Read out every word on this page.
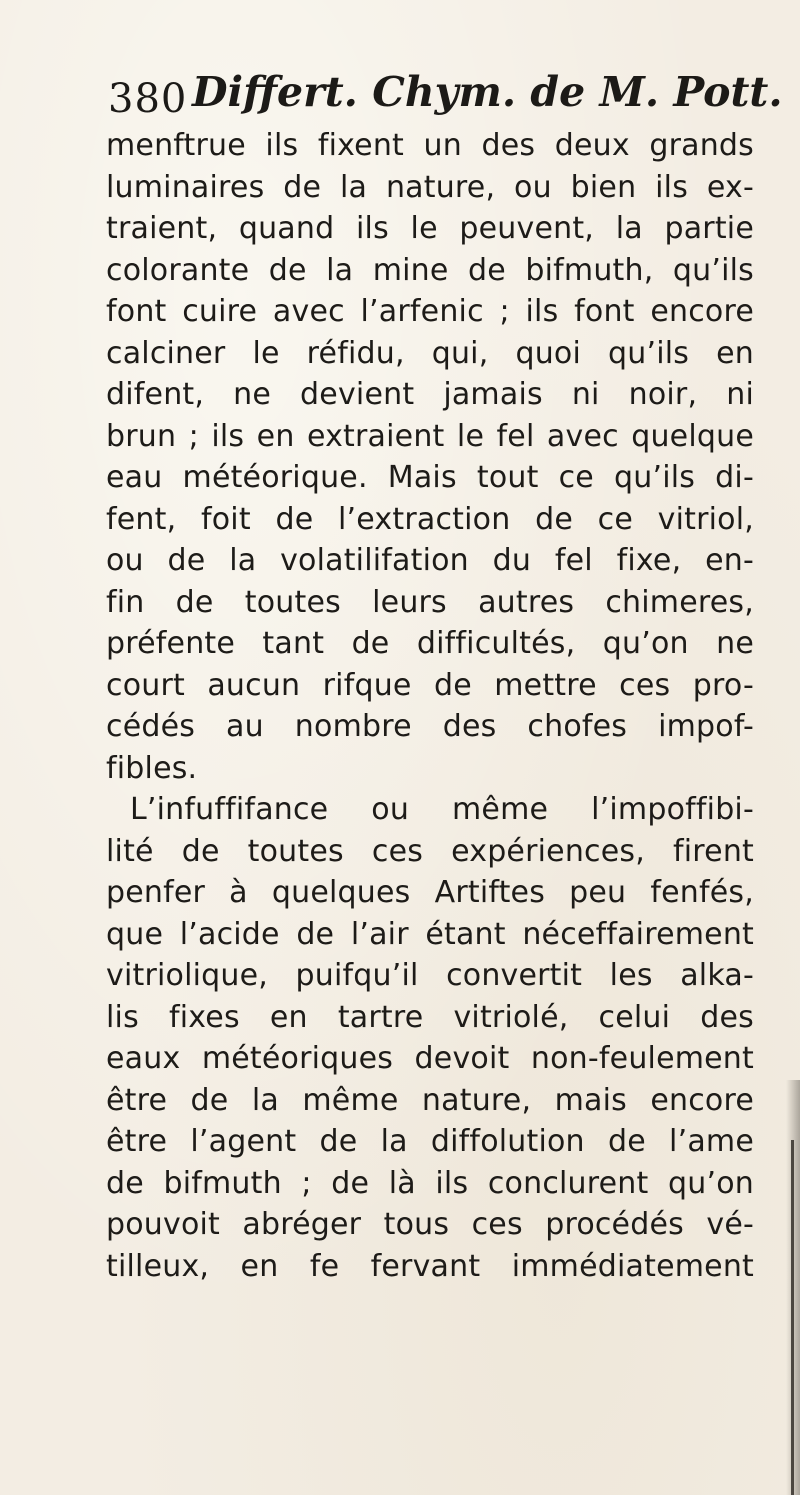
380 Differt. Chym. de M. Pott.
menftrue ils fixent un des deux grands
luminaires de la nature, ou bien ils ex-
traient, quand ils le peuvent, la partie
colorante de la mine de bifmuth, qu’ils
font cuire avec l’arfenic ; ils font encore
calciner le réfidu, qui, quoi qu’ils en
difent, ne devient jamais ni noir, ni
brun ; ils en extraient le fel avec quelque
eau météorique. Mais tout ce qu’ils di-
fent, foit de l’extraction de ce vitriol,
ou de la volatilifation du fel fixe, en-
fin de toutes leurs autres chimeres,
préfente tant de difficultés, qu’on ne
court aucun rifque de mettre ces pro-
cédés au nombre des chofes impof-
fibles.
L’infuffifance ou même l’impoffibi-
lité de toutes ces expériences, firent
penfer à quelques Artiftes peu fenfés,
que l’acide de l’air étant néceffairement
vitriolique, puifqu’il convertit les alka-
lis fixes en tartre vitriolé, celui des
eaux météoriques devoit non-feulement
être de la même nature, mais encore
être l’agent de la diffolution de l’ame
de bifmuth ; de là ils conclurent qu’on
pouvoit abréger tous ces procédés vé-
tilleux, en fe fervant immédiatement
